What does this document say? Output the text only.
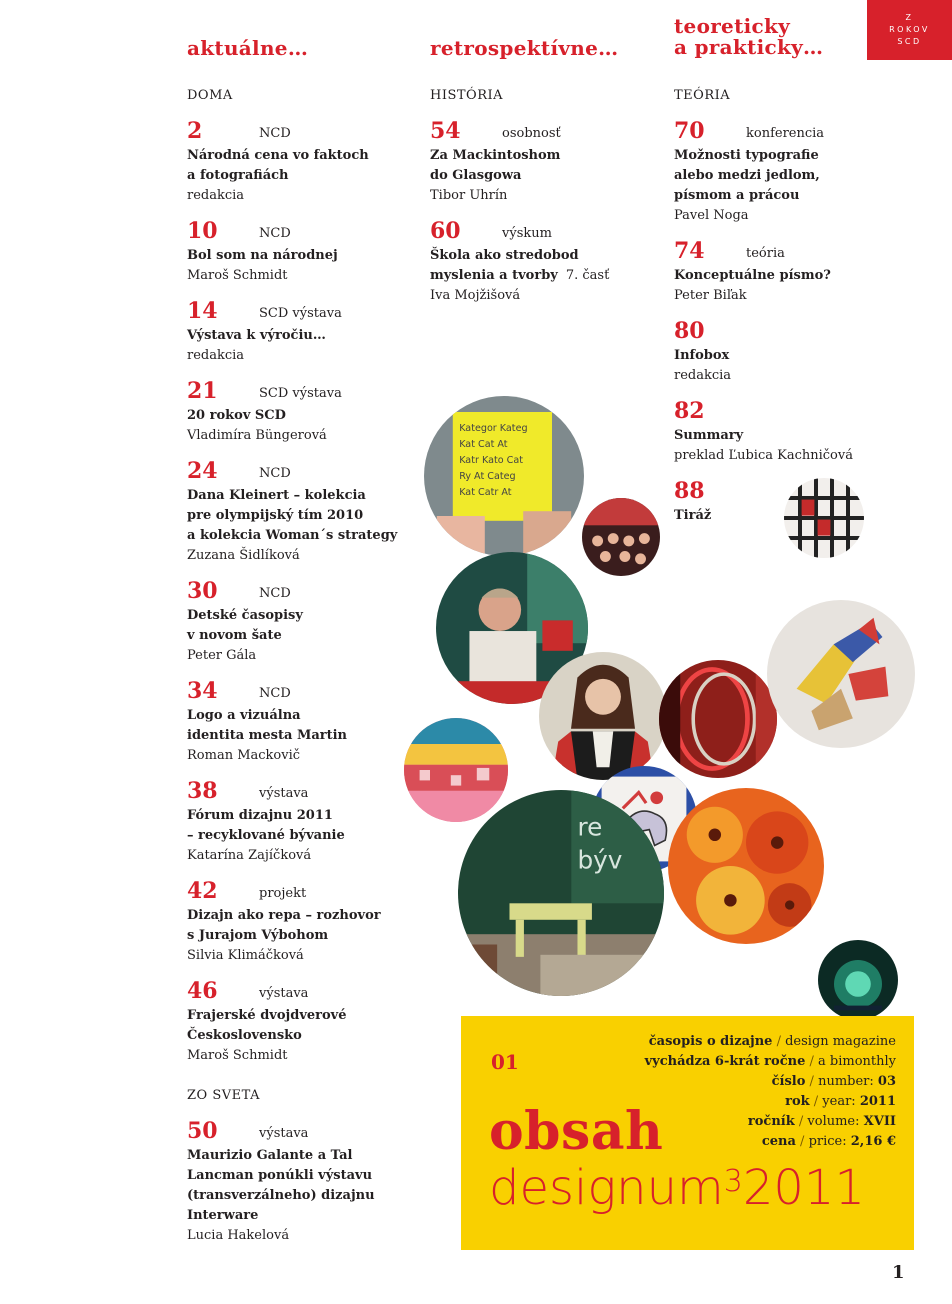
Z
ROKOV
SCD
aktuálne…	retrospektívne…
teoreticky
a prakticky…
DOMA	HISTÓRIA	TEÓRIA
ZO SVETA
2	NCD
Národná cena vo faktoch
a fotografiách
redakcia
10	NCD
Bol som na národnej
Maroš Schmidt
14	SCD výstava
Výstava k výročiu…
redakcia
21	SCD výstava
20 rokov SCD
Vladimíra Büngerová
24	NCD
Dana Kleinert – kolekcia
pre olympijský tím 2010
a kolekcia Woman´s strategy
Zuzana Šidlíková
30	NCD
Detské časopisy
v novom šate
Peter Gála
34	NCD
Logo a vizuálna
identita mesta Martin
Roman Mackovič
38	výstava
Fórum dizajnu 2011
– recyklované bývanie
Katarína Zajíčková
42	projekt
Dizajn ako repa – rozhovor
s Jurajom Výbohom
Silvia Klimáčková
46	výstava
Frajerské dvojdverové
Československo
Maroš Schmidt
50	výstava
Maurizio Galante a Tal
Lancman ponúkli výstavu
(transverzálneho) dizajnu
Interware
Lucia Hakelová
54	osobnosť
Za Mackintoshom
do Glasgowa
Tibor Uhrín
60	výskum
Škola ako stredobod
myslenia a tvorby 7. časť
Iva Mojžišová
70	konferencia
Možnosti typografie
alebo medzi jedlom,
písmom a prácou
Pavel Noga
74	teória
Konceptuálne písmo?
Peter Biľak
80
Infobox
redakcia
82
Summary
preklad Ľubica Kachničová
88
Tiráž
Kategor Kateg
Kat Cat At
Katr Kato Cat
Ry At Categ
Kat Catr At
re
býv
01
časopis o dizajne / design magazine
vychádza 6-krát ročne / a bimonthly
číslo / number: 03
rok / year: 2011
ročník / volume: XVII
cena / price: 2,16 €
obsah
designum$^3$2011
1
